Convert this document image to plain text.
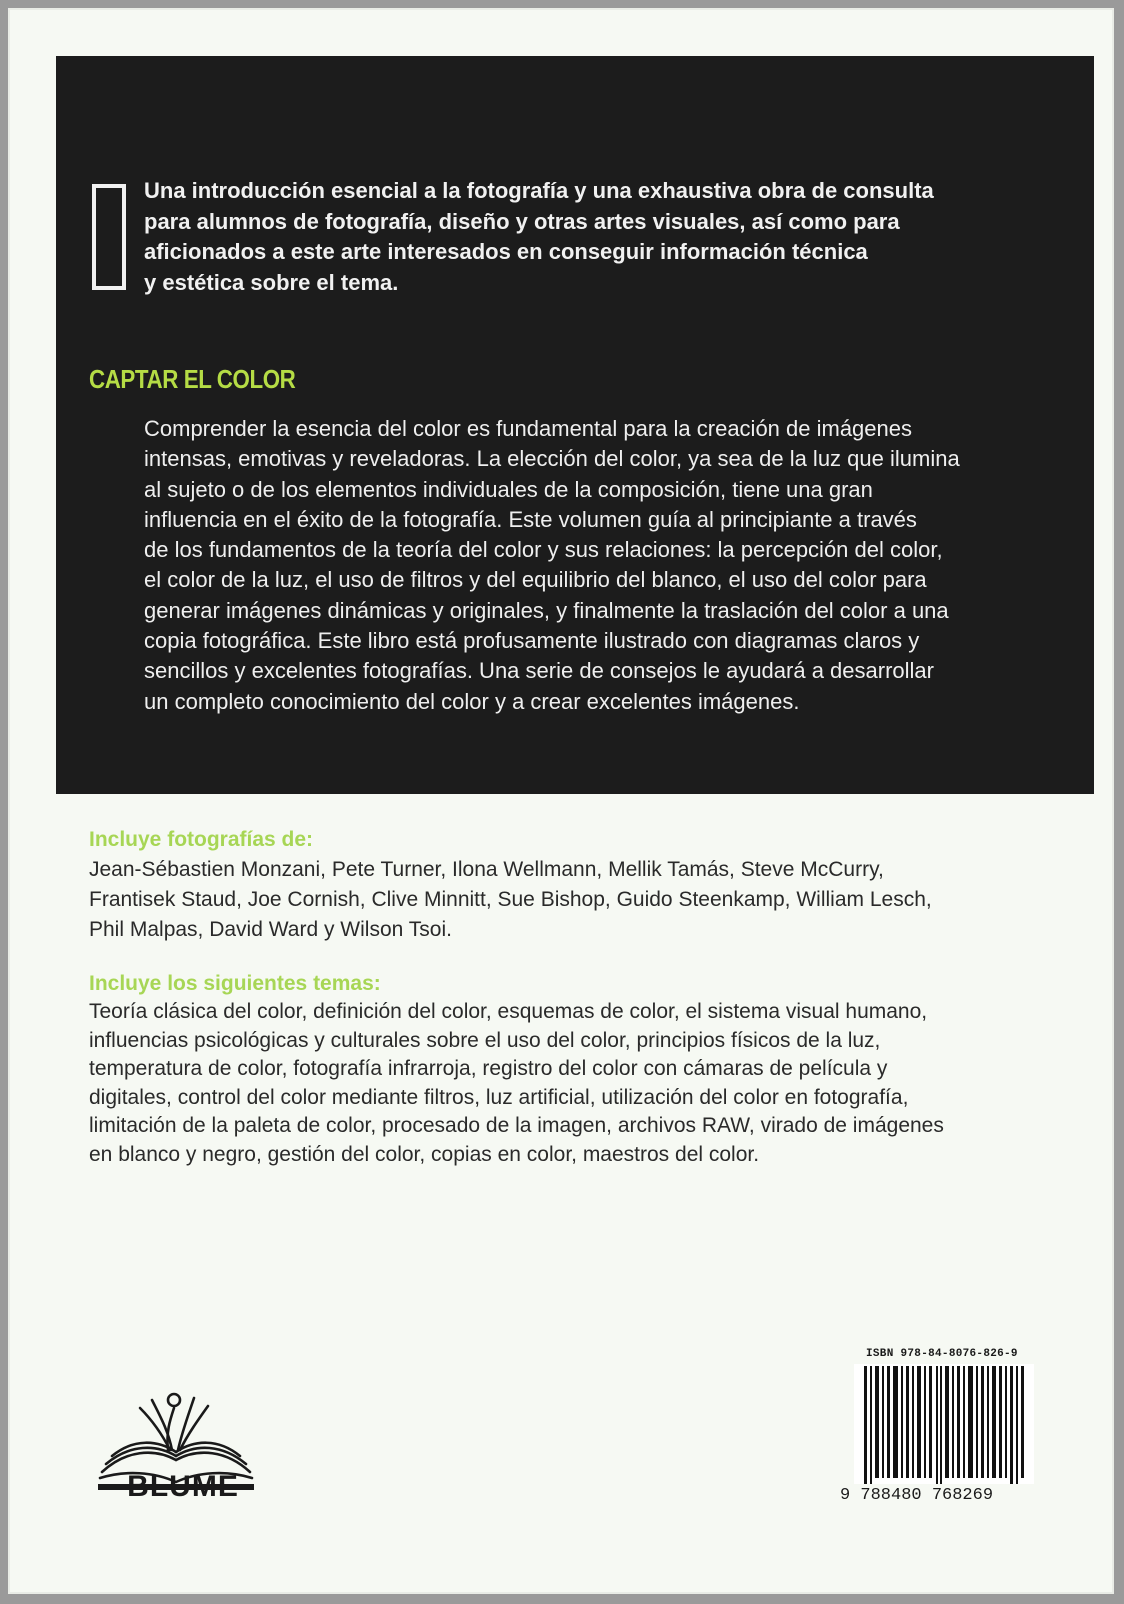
Una introducción esencial a la fotografía y una exhaustiva obra de consulta
para alumnos de fotografía, diseño y otras artes visuales, así como para
aficionados a este arte interesados en conseguir información técnica
y estética sobre el tema.

CAPTAR EL COLOR

Comprender la esencia del color es fundamental para la creación de imágenes
intensas, emotivas y reveladoras. La elección del color, ya sea de la luz que ilumina
al sujeto o de los elementos individuales de la composición, tiene una gran
influencia en el éxito de la fotografía. Este volumen guía al principiante a través
de los fundamentos de la teoría del color y sus relaciones: la percepción del color,
el color de la luz, el uso de filtros y del equilibrio del blanco, el uso del color para
generar imágenes dinámicas y originales, y finalmente la traslación del color a una
copia fotográfica. Este libro está profusamente ilustrado con diagramas claros y
sencillos y excelentes fotografías. Una serie de consejos le ayudará a desarrollar
un completo conocimiento del color y a crear excelentes imágenes.

Incluye fotografías de:

Jean-Sébastien Monzani, Pete Turner, Ilona Wellmann, Mellik Tamás, Steve McCurry,
Frantisek Staud, Joe Cornish, Clive Minnitt, Sue Bishop, Guido Steenkamp, William Lesch,
Phil Malpas, David Ward y Wilson Tsoi.

Incluye los siguientes temas:

Teoría clásica del color, definición del color, esquemas de color, el sistema visual humano,
influencias psicológicas y culturales sobre el uso del color, principios físicos de la luz,
temperatura de color, fotografía infrarroja, registro del color con cámaras de película y
digitales, control del color mediante filtros, luz artificial, utilización del color en fotografía,
limitación de la paleta de color, procesado de la imagen, archivos RAW, virado de imágenes
en blanco y negro, gestión del color, copias en color, maestros del color.

BLUME

ISBN 978-84-8076-826-9

9 788480 768269
